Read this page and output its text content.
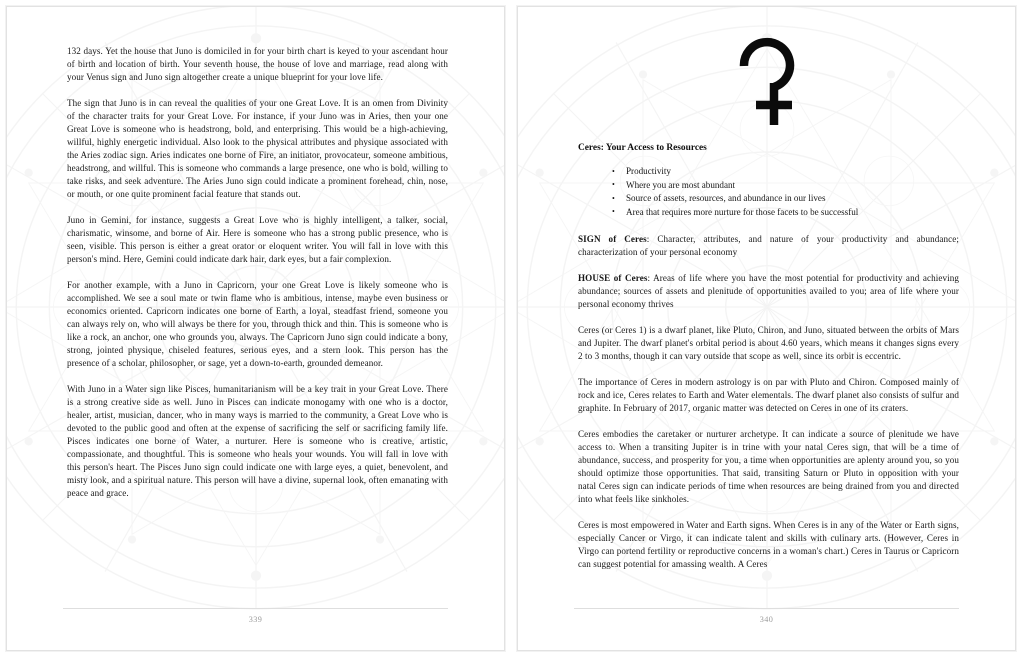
132 days. Yet the house that Juno is domiciled in for your birth chart is keyed to your ascendant hour of birth and location of birth. Your seventh house, the house of love and marriage, read along with your Venus sign and Juno sign altogether create a unique blueprint for your love life.

The sign that Juno is in can reveal the qualities of your one Great Love. It is an omen from Divinity of the character traits for your Great Love. For instance, if your Juno was in Aries, then your one Great Love is someone who is headstrong, bold, and enterprising. This would be a high-achieving, willful, highly energetic individual. Also look to the physical attributes and physique associated with the Aries zodiac sign. Aries indicates one borne of Fire, an initiator, provocateur, someone ambitious, headstrong, and willful. This is someone who commands a large presence, one who is bold, willing to take risks, and seek adventure. The Aries Juno sign could indicate a prominent forehead, chin, nose, or mouth, or one quite prominent facial feature that stands out.

Juno in Gemini, for instance, suggests a Great Love who is highly intelligent, a talker, social, charismatic, winsome, and borne of Air. Here is someone who has a strong public presence, who is seen, visible. This person is either a great orator or eloquent writer. You will fall in love with this person's mind. Here, Gemini could indicate dark hair, dark eyes, but a fair complexion.

For another example, with a Juno in Capricorn, your one Great Love is likely someone who is accomplished. We see a soul mate or twin flame who is ambitious, intense, maybe even business or economics oriented. Capricorn indicates one borne of Earth, a loyal, steadfast friend, someone you can always rely on, who will always be there for you, through thick and thin. This is someone who is like a rock, an anchor, one who grounds you, always. The Capricorn Juno sign could indicate a bony, strong, jointed physique, chiseled features, serious eyes, and a stern look. This person has the presence of a scholar, philosopher, or sage, yet a down-to-earth, grounded demeanor.

With Juno in a Water sign like Pisces, humanitarianism will be a key trait in your Great Love. There is a strong creative side as well. Juno in Pisces can indicate monogamy with one who is a doctor, healer, artist, musician, dancer, who in many ways is married to the community, a Great Love who is devoted to the public good and often at the expense of sacrificing the self or sacrificing family life. Pisces indicates one borne of Water, a nurturer. Here is someone who is creative, artistic, compassionate, and thoughtful. This is someone who heals your wounds. You will fall in love with this person's heart. The Pisces Juno sign could indicate one with large eyes, a quiet, benevolent, and misty look, and a spiritual nature. This person will have a divine, supernal look, often emanating with peace and grace.

339
Ceres: Your Access to Resources
• Productivity
• Where you are most abundant
• Source of assets, resources, and abundance in our lives
• Area that requires more nurture for those facets to be successful

SIGN of Ceres: Character, attributes, and nature of your productivity and abundance; characterization of your personal economy

HOUSE of Ceres: Areas of life where you have the most potential for productivity and achieving abundance; sources of assets and plenitude of opportunities availed to you; area of life where your personal economy thrives

Ceres (or Ceres 1) is a dwarf planet, like Pluto, Chiron, and Juno, situated between the orbits of Mars and Jupiter. The dwarf planet's orbital period is about 4.60 years, which means it changes signs every 2 to 3 months, though it can vary outside that scope as well, since its orbit is eccentric.

The importance of Ceres in modern astrology is on par with Pluto and Chiron. Composed mainly of rock and ice, Ceres relates to Earth and Water elementals. The dwarf planet also consists of sulfur and graphite. In February of 2017, organic matter was detected on Ceres in one of its craters.

Ceres embodies the caretaker or nurturer archetype. It can indicate a source of plenitude we have access to. When a transiting Jupiter is in trine with your natal Ceres sign, that will be a time of abundance, success, and prosperity for you, a time when opportunities are aplenty around you, so you should optimize those opportunities. That said, transiting Saturn or Pluto in opposition with your natal Ceres sign can indicate periods of time when resources are being drained from you and directed into what feels like sinkholes.

Ceres is most empowered in Water and Earth signs. When Ceres is in any of the Water or Earth signs, especially Cancer or Virgo, it can indicate talent and skills with culinary arts. (However, Ceres in Virgo can portend fertility or reproductive concerns in a woman's chart.) Ceres in Taurus or Capricorn can suggest potential for amassing wealth. A Ceres

340
